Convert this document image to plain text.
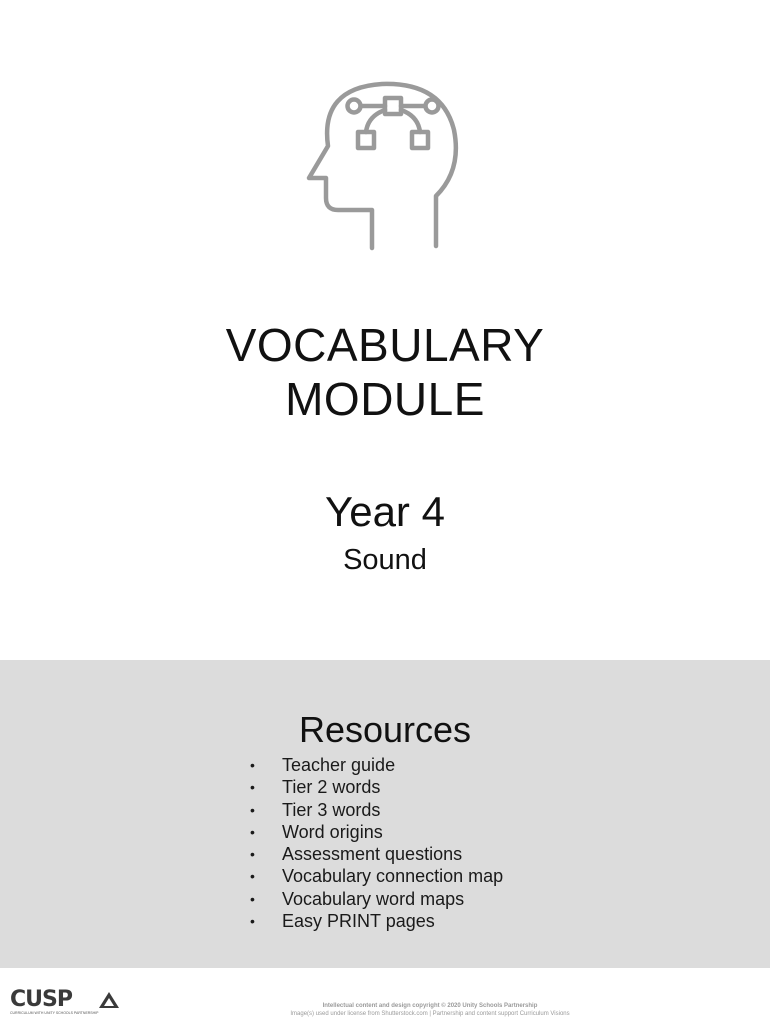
VOCABULARY
MODULE
Year 4
Sound
Resources
• Teacher guide
• Tier 2 words
• Tier 3 words
• Word origins
• Assessment questions
• Vocabulary connection map
• Vocabulary word maps
• Easy PRINT pages
CUSP
CURRICULUM WITH UNITY SCHOOLS PARTNERSHIP
Intellectual content and design copyright © 2020 Unity Schools Partnership
Image(s) used under license from Shutterstock.com | Partnership and content support Curriculum Visions
